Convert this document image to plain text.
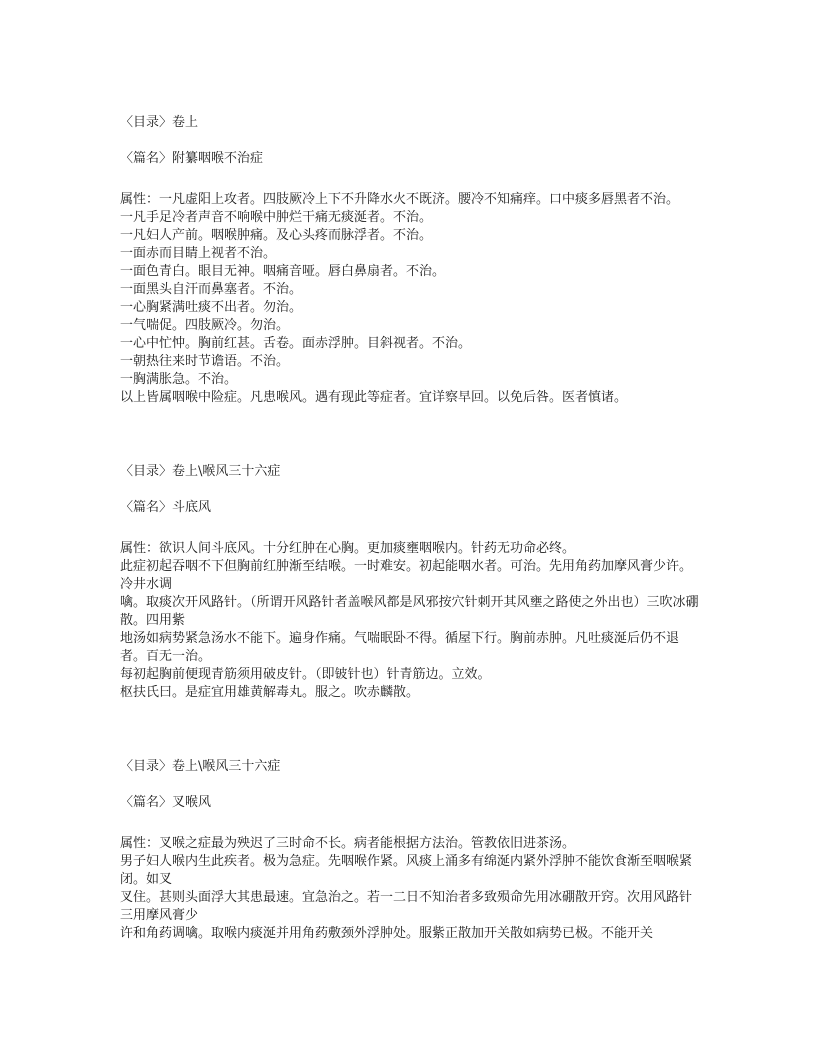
〈目录〉卷上

〈篇名〉附纂咽喉不治症

属性：一凡虚阳上攻者。四肢厥冷上下不升降水火不既济。腰冷不知痛痒。口中痰多唇黑者不治。

一凡手足冷者声音不响喉中肿烂干痛无痰涎者。不治。

一凡妇人产前。咽喉肿痛。及心头疼而脉浮者。不治。

一面赤而目睛上视者不治。

一面色青白。眼目无神。咽痛音哑。唇白鼻扇者。不治。

一面黑头自汗而鼻塞者。不治。

一心胸紧满吐痰不出者。勿治。

一气喘促。四肢厥冷。勿治。

一心中忙忡。胸前红甚。舌卷。面赤浮肿。目斜视者。不治。

一朝热往来时节谵语。不治。

一胸满胀急。不治。

以上皆属咽喉中险症。凡患喉风。遇有现此等症者。宜详察早回。以免后咎。医者慎诸。

〈目录〉卷上\喉风三十六症

〈篇名〉斗底风

属性：欲识人间斗底风。十分红肿在心胸。更加痰壅咽喉内。针药无功命必终。

此症初起吞咽不下但胸前红肿渐至结喉。一时难安。初起能咽水者。可治。先用角药加摩风膏少许。冷井水调

噙。取痰次开风路针。（所谓开风路针者盖喉风都是风邪按穴针刺开其风壅之路使之外出也）三吹冰硼散。四用紫

地汤如病势紧急汤水不能下。遍身作痛。气喘眠卧不得。循屋下行。胸前赤肿。凡吐痰涎后仍不退者。百无一治。

每初起胸前便现青筋须用破皮针。（即铍针也）针青筋边。立效。

枢扶氏曰。是症宜用雄黄解毒丸。服之。吹赤麟散。

〈目录〉卷上\喉风三十六症

〈篇名〉叉喉风

属性：叉喉之症最为殃迟了三时命不长。病者能根据方法治。管教依旧进茶汤。

男子妇人喉内生此疾者。极为急症。先咽喉作紧。风痰上涌多有绵涎内紧外浮肿不能饮食渐至咽喉紧闭。如叉

叉住。甚则头面浮大其患最速。宜急治之。若一二日不知治者多致殒命先用冰硼散开窍。次用风路针三用摩风膏少

许和角药调噙。取喉内痰涎并用角药敷颈外浮肿处。服紫正散加开关散如病势已极。不能开关
